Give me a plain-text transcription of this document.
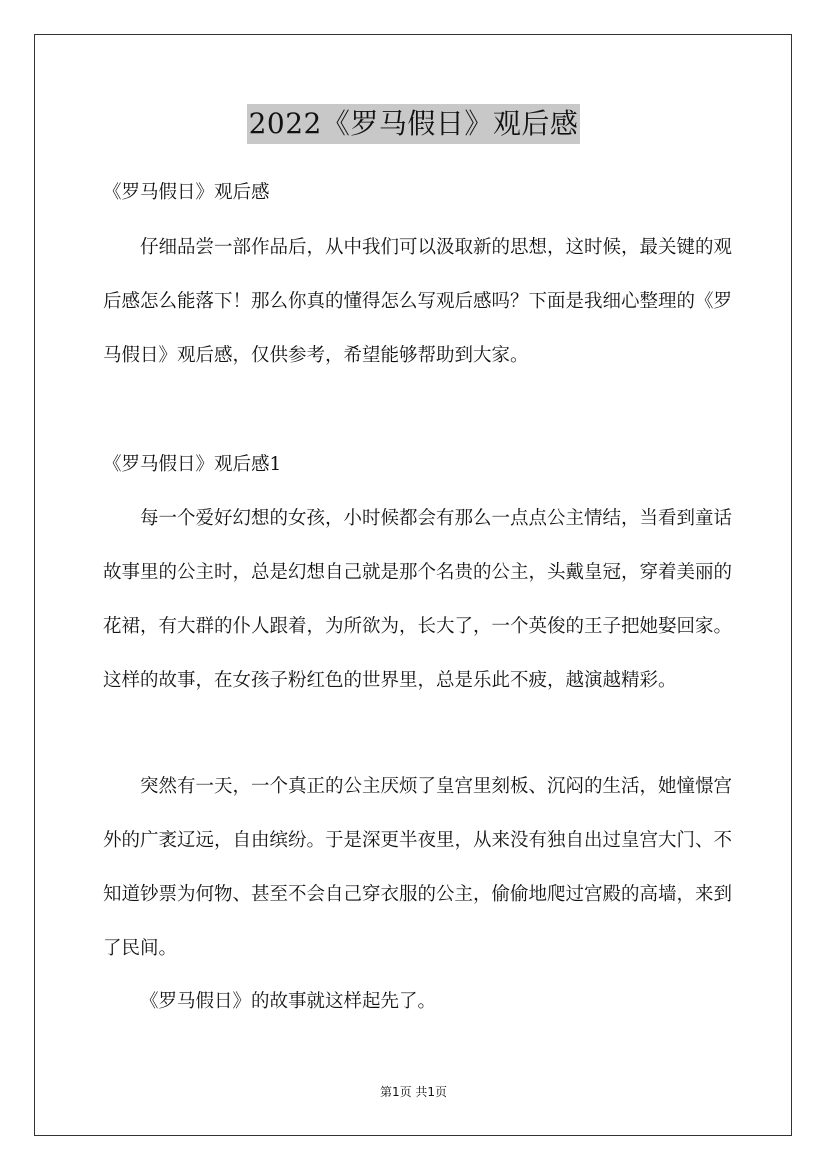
2022《罗马假日》观后感

《罗马假日》观后感

仔细品尝一部作品后，从中我们可以汲取新的思想，这时候，最关键的观后感怎么能落下！那么你真的懂得怎么写观后感吗？下面是我细心整理的《罗马假日》观后感，仅供参考，希望能够帮助到大家。

《罗马假日》观后感1

每一个爱好幻想的女孩，小时候都会有那么一点点公主情结，当看到童话故事里的公主时，总是幻想自己就是那个名贵的公主，头戴皇冠，穿着美丽的花裙，有大群的仆人跟着，为所欲为，长大了，一个英俊的王子把她娶回家。这样的故事，在女孩子粉红色的世界里，总是乐此不疲，越演越精彩。

突然有一天，一个真正的公主厌烦了皇宫里刻板、沉闷的生活，她憧憬宫外的广袤辽远，自由缤纷。于是深更半夜里，从来没有独自出过皇宫大门、不知道钞票为何物、甚至不会自己穿衣服的公主，偷偷地爬过宫殿的高墙，来到了民间。

《罗马假日》的故事就这样起先了。

第1页 共1页
